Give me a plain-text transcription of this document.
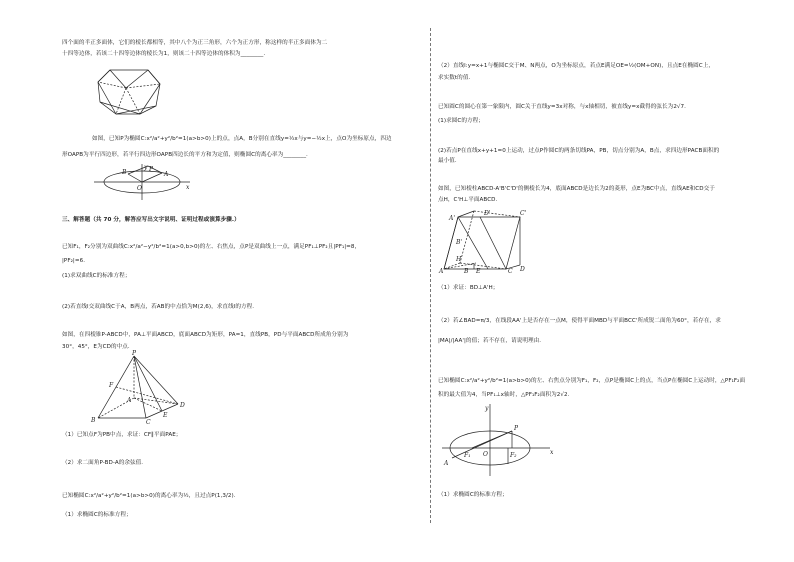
四个面的半正多面体，它们的棱长都相等，其中八个为正三角形，六个为正方形，称这样的半正多面体为二
十四等边体，若该二十四等边体的棱长为1，则该二十四等边体的体积为________.
如图，已知P为椭圆C:x²/a²+y²/b²=1(a>b>0)上的点，点A，B分别在直线y=½x与y=−½x上，点O为坐标原点，四边
形OAPB为平行四边形，若平行四边形OAPB四边长的平方和为定值，则椭圆C的离心率为________.
y
x
O
A
B	P
三、解答题（共 70 分，解答应写出文字说明、证明过程或演算步骤.）
已知F₁，F₂分别为双曲线C:x²/a²−y²/b²=1(a>0,b>0)的左、右焦点，点P是双曲线上一点，满足PF₁⊥PF₂且|PF₁|=8，
|PF₂|=6.
(1)求双曲线C的标准方程；
(2)若直线l交双曲线C于A，B两点，若AB的中点恰为M(2,6)，求直线l的方程.
如图，在四棱锥P-ABCD中，PA⊥平面ABCD，底面ABCD为矩形，PA=1，直线PB，PD与平面ABCD所成角分别为
30°，45°，E为CD的中点.
P
A
B	C
D
E
F
（1）已知点F为PB中点，求证：CF∥平面PAE；
（2）求二面角P-BD-A的余弦值.
已知椭圆C:x²/a²+y²/b²=1(a>b>0)的离心率为½，且过点P(1,3/2).
（1）求椭圆C的标准方程；
（2）直线l:y=x+1与椭圆C交于M、N两点，O为坐标原点，若点E满足OE=½(OM+ON)，且点E在椭圆C上，
求实数t的值.
已知圆C的圆心在第一象限内，圆C关于直线y=3x对称，与x轴相切，被直线y=x截得的弦长为2√7.
(1)求圆C的方程；
(2)若点P在直线x+y+1=0上运动，过点P作圆C的两条切线PA，PB，切点分别为A，B点，求四边形PACB面积的
最小值.
如图，已知棱柱ABCD-A'B'C'D'的侧棱长为4，底面ABCD是边长为2的菱形，点E为BC中点，直线AE和CD交于
点H，C'H⊥平面ABCD.
A'
B'
C'
D'
A	B	C D
E
H
（1）求证：BD⊥A'H；
（2）若∠BAD=π/3，在线段AA'上是否存在一点M，使得平面MBD与平面BCC'所成锐二面角为60°，若存在，求
|MA|/|AA'|的值；若不存在，请说明理由.
已知椭圆C:x²/a²+y²/b²=1(a>b>0)的左、右焦点分别为F₁，F₂，点P是椭圆C上的点，当点P在椭圆C上运动时，△PF₁F₂面
积的最大值为4，当PF₁⊥x轴时，△PF₁F₂面积为2√2.
y
x
O
A
P
F₁	F₂
（1）求椭圆C的标准方程；
